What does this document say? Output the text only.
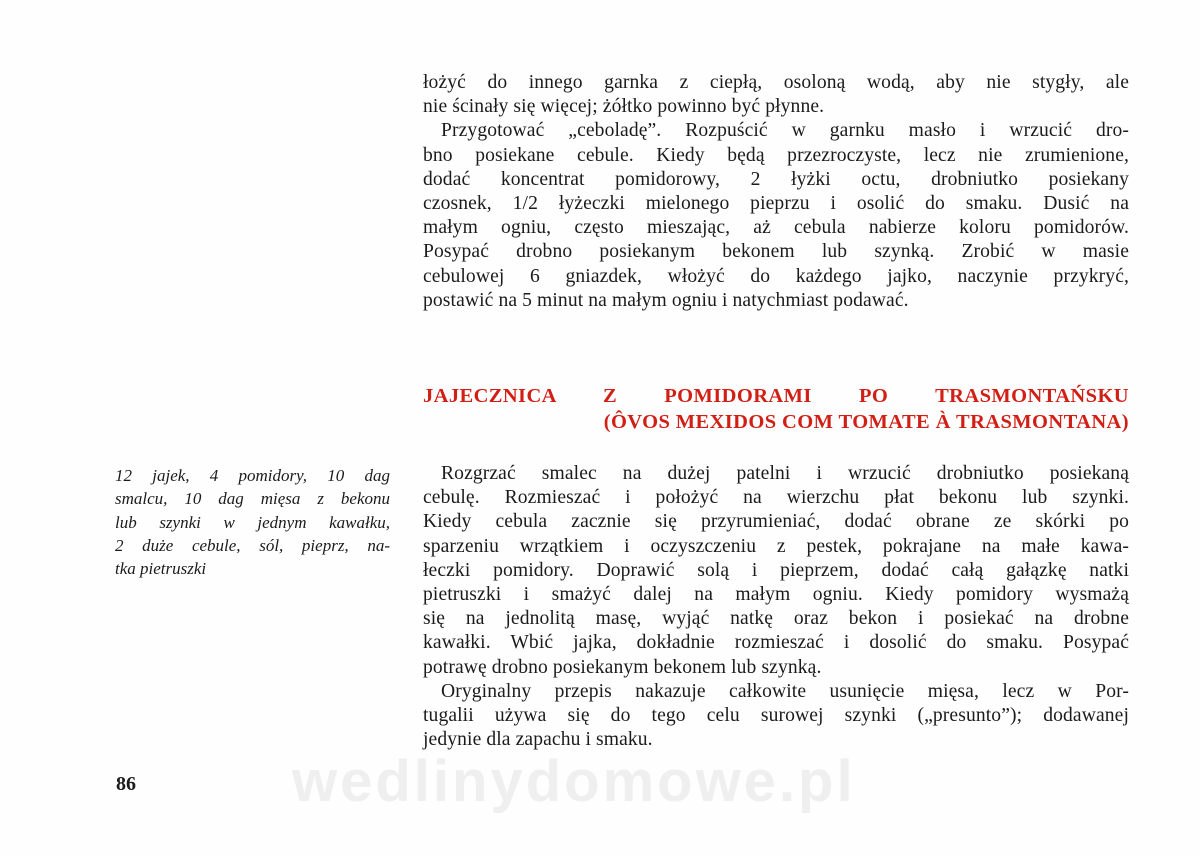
łożyć do innego garnka z ciepłą, osoloną wodą, aby nie stygły, ale
nie ścinały się więcej; żółtko powinno być płynne.
Przygotować „ceboladę”. Rozpuścić w garnku masło i wrzucić dro-
bno posiekane cebule. Kiedy będą przezroczyste, lecz nie zrumienione,
dodać koncentrat pomidorowy, 2 łyżki octu, drobniutko posiekany
czosnek, 1/2 łyżeczki mielonego pieprzu i osolić do smaku. Dusić na
małym ogniu, często mieszając, aż cebula nabierze koloru pomidorów.
Posypać drobno posiekanym bekonem lub szynką. Zrobić w masie
cebulowej 6 gniazdek, włożyć do każdego jajko, naczynie przykryć,
postawić na 5 minut na małym ogniu i natychmiast podawać.
JAJECZNICA Z POMIDORAMI PO TRASMONTAŃSKU
(ÔVOS MEXIDOS COM TOMATE À TRASMONTANA)
12 jajek, 4 pomidory, 10 dag
smalcu, 10 dag mięsa z bekonu
lub szynki w jednym kawałku,
2 duże cebule, sól, pieprz, na-
tka pietruszki
Rozgrzać smalec na dużej patelni i wrzucić drobniutko posiekaną
cebulę. Rozmieszać i położyć na wierzchu płat bekonu lub szynki.
Kiedy cebula zacznie się przyrumieniać, dodać obrane ze skórki po
sparzeniu wrzątkiem i oczyszczeniu z pestek, pokrajane na małe kawa-
łeczki pomidory. Doprawić solą i pieprzem, dodać całą gałązkę natki
pietruszki i smażyć dalej na małym ogniu. Kiedy pomidory wysmażą
się na jednolitą masę, wyjąć natkę oraz bekon i posiekać na drobne
kawałki. Wbić jajka, dokładnie rozmieszać i dosolić do smaku. Posypać
potrawę drobno posiekanym bekonem lub szynką.
Oryginalny przepis nakazuje całkowite usunięcie mięsa, lecz w Por-
tugalii używa się do tego celu surowej szynki („presunto”); dodawanej
jedynie dla zapachu i smaku.
wedlinydomowe.pl
86
